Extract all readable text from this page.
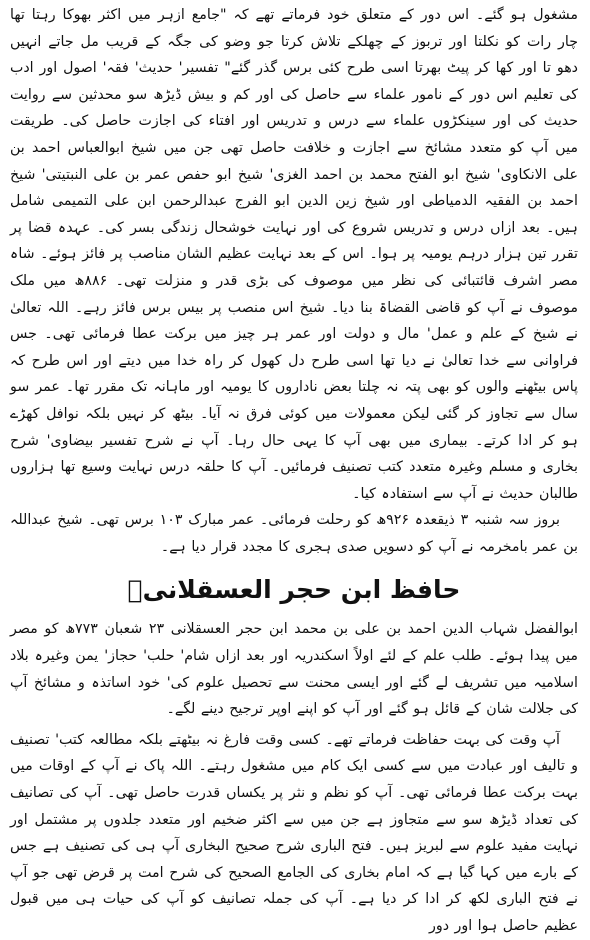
مشغول ہو گئے۔ اس دور کے متعلق خود فرماتے تھے کہ "جامع ازہر میں اکثر بھوکا رہتا تھا چار رات کو نکلتا اور تربوز کے چھلکے تلاش کرتا جو وضو کی جگہ کے قریب مل جاتے انہیں دھو تا اور کھا کر پیٹ بھرتا اسی طرح کئی برس گذر گئے" تفسیر' حدیث' فقہ' اصول اور ادب کی تعلیم اس دور کے نامور علماء سے حاصل کی اور کم و بیش ڈیڑھ سو محدثین سے روایت حدیث کی اور سینکڑوں علماء سے درس و تدریس اور افتاء کی اجازت حاصل کی۔ طریقت میں آپ کو متعدد مشائخ سے اجازت و خلافت حاصل تھی جن میں شیخ ابوالعباس احمد بن علی الانکاوی' شیخ ابو الفتح محمد بن احمد الغزی' شیخ ابو حفص عمر بن علی النبتیتی' شیخ احمد بن الفقیہ الدمیاطی اور شیخ زین الدین ابو الفرج عبدالرحمن ابن علی التمیمی شامل ہیں۔ بعد ازاں درس و تدریس شروع کی اور نہایت خوشحال زندگی بسر کی۔ عہدہ قضا پر تقرر تین ہزار درہم یومیہ پر ہوا۔ اس کے بعد نہایت عظیم الشان مناصب پر فائز ہوئے۔ شاہ مصر اشرف قائتبائی کی نظر میں موصوف کی بڑی قدر و منزلت تھی۔ ۸۸۶ھ میں ملک موصوف نے آپ کو قاضی القضاۃ بنا دیا۔ شیخ اس منصب پر بیس برس فائز رہے۔ اللہ تعالیٰ نے شیخ کے علم و عمل' مال و دولت اور عمر ہر چیز میں برکت عطا فرمائی تھی۔ جس فراوانی سے خدا تعالیٰ نے دیا تھا اسی طرح دل کھول کر راہ خدا میں دیتے اور اس طرح کہ پاس بیٹھنے والوں کو بھی پتہ نہ چلتا بعض ناداروں کا یومیہ اور ماہانہ تک مقرر تھا۔ عمر سو سال سے تجاوز کر گئی لیکن معمولات میں کوئی فرق نہ آیا۔ بیٹھ کر نہیں بلکہ نوافل کھڑے ہو کر ادا کرتے۔ بیماری میں بھی آپ کا یہی حال رہا۔ آپ نے شرح تفسیر بیضاوی' شرح بخاری و مسلم وغیرہ متعدد کتب تصنیف فرمائیں۔ آپ کا حلقہ درس نہایت وسیع تھا ہزاروں طالبان حدیث نے آپ سے استفادہ کیا۔

بروز سہ شنبہ ۳ ذیقعدہ ۹۲۶ھ کو رحلت فرمائی۔ عمر مبارک ۱۰۳ برس تھی۔ شیخ عبداللہ بن عمر بامخرمہ نے آپ کو دسویں صدی ہجری کا مجدد قرار دیا ہے۔

حافظ ابن حجر العسقلانیؒ

ابوالفضل شہاب الدین احمد بن علی بن محمد ابن حجر العسقلانی ۲۳ شعبان ۷۷۳ھ کو مصر میں پیدا ہوئے۔ طلب علم کے لئے اولاً اسکندریہ اور بعد ازاں شام' حلب' حجاز' یمن وغیرہ بلاد اسلامیہ میں تشریف لے گئے اور ایسی محنت سے تحصیل علوم کی' خود اساتذہ و مشائخ آپ کی جلالت شان کے قائل ہو گئے اور آپ کو اپنے اوپر ترجیح دینے لگے۔

آپ وقت کی بہت حفاظت فرماتے تھے۔ کسی وقت فارغ نہ بیٹھتے بلکہ مطالعہ کتب' تصنیف و تالیف اور عبادت میں سے کسی ایک کام میں مشغول رہتے۔ اللہ پاک نے آپ کے اوقات میں بہت برکت عطا فرمائی تھی۔ آپ کو نظم و نثر پر یکساں قدرت حاصل تھی۔ آپ کی تصانیف کی تعداد ڈیڑھ سو سے متجاوز ہے جن میں سے اکثر ضخیم اور متعدد جلدوں پر مشتمل اور نہایت مفید علوم سے لبریز ہیں۔ فتح الباری شرح صحیح البخاری آپ ہی کی تصنیف ہے جس کے بارے میں کہا گیا ہے کہ امام بخاری کی الجامع الصحیح کی شرح امت پر قرض تھی جو آپ نے فتح الباری لکھ کر ادا کر دیا ہے۔ آپ کی جملہ تصانیف کو آپ کی حیات ہی میں قبول عظیم حاصل ہوا اور دور
